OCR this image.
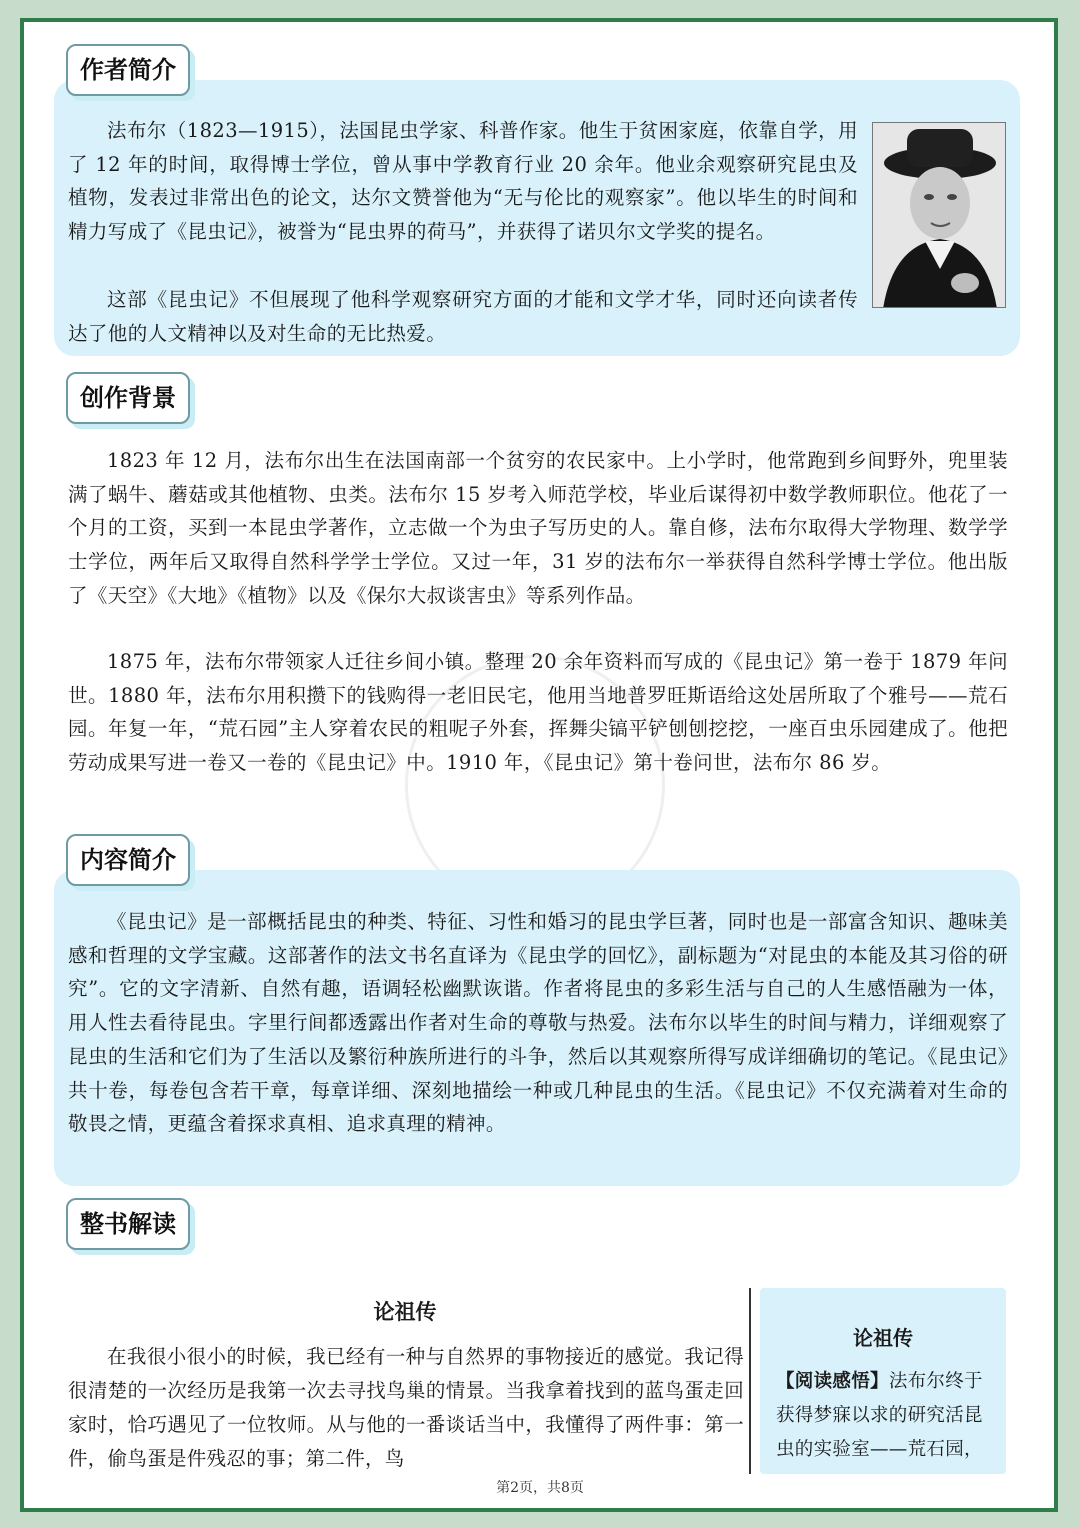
作者简介

法布尔（1823—1915），法国昆虫学家、科普作家。他生于贫困家庭，依靠自学，用了 12 年的时间，取得博士学位，曾从事中学教育行业 20 余年。他业余观察研究昆虫及植物，发表过非常出色的论文，达尔文赞誉他为“无与伦比的观察家”。他以毕生的时间和精力写成了《昆虫记》，被誉为“昆虫界的荷马”，并获得了诺贝尔文学奖的提名。

这部《昆虫记》不但展现了他科学观察研究方面的才能和文学才华，同时还向读者传达了他的人文精神以及对生命的无比热爱。

创作背景

1823 年 12 月，法布尔出生在法国南部一个贫穷的农民家中。上小学时，他常跑到乡间野外，兜里装满了蜗牛、蘑菇或其他植物、虫类。法布尔 15 岁考入师范学校，毕业后谋得初中数学教师职位。他花了一个月的工资，买到一本昆虫学著作，立志做一个为虫子写历史的人。靠自修，法布尔取得大学物理、数学学士学位，两年后又取得自然科学学士学位。又过一年，31 岁的法布尔一举获得自然科学博士学位。他出版了《天空》《大地》《植物》以及《保尔大叔谈害虫》等系列作品。

1875 年，法布尔带领家人迁往乡间小镇。整理 20 余年资料而写成的《昆虫记》第一卷于 1879 年问世。1880 年，法布尔用积攒下的钱购得一老旧民宅，他用当地普罗旺斯语给这处居所取了个雅号——荒石园。年复一年，“荒石园”主人穿着农民的粗呢子外套，挥舞尖镐平铲刨刨挖挖，一座百虫乐园建成了。他把劳动成果写进一卷又一卷的《昆虫记》中。1910 年，《昆虫记》第十卷问世，法布尔 86 岁。

内容简介

《昆虫记》是一部概括昆虫的种类、特征、习性和婚习的昆虫学巨著，同时也是一部富含知识、趣味美感和哲理的文学宝藏。这部著作的法文书名直译为《昆虫学的回忆》，副标题为“对昆虫的本能及其习俗的研究”。它的文字清新、自然有趣，语调轻松幽默诙谐。作者将昆虫的多彩生活与自己的人生感悟融为一体，用人性去看待昆虫。字里行间都透露出作者对生命的尊敬与热爱。法布尔以毕生的时间与精力，详细观察了昆虫的生活和它们为了生活以及繁衍种族所进行的斗争，然后以其观察所得写成详细确切的笔记。《昆虫记》共十卷，每卷包含若干章，每章详细、深刻地描绘一种或几种昆虫的生活。《昆虫记》不仅充满着对生命的敬畏之情，更蕴含着探求真相、追求真理的精神。

整书解读
论祖传

在我很小很小的时候，我已经有一种与自然界的事物接近的感觉。我记得很清楚的一次经历是我第一次去寻找鸟巢的情景。当我拿着找到的蓝鸟蛋走回家时，恰巧遇见了一位牧师。从与他的一番谈话当中，我懂得了两件事：第一件，偷鸟蛋是件残忍的事；第二件，鸟

论祖传

【阅读感悟】法布尔终于获得梦寐以求的研究活昆虫的实验室——荒石园，

第2页，共8页
